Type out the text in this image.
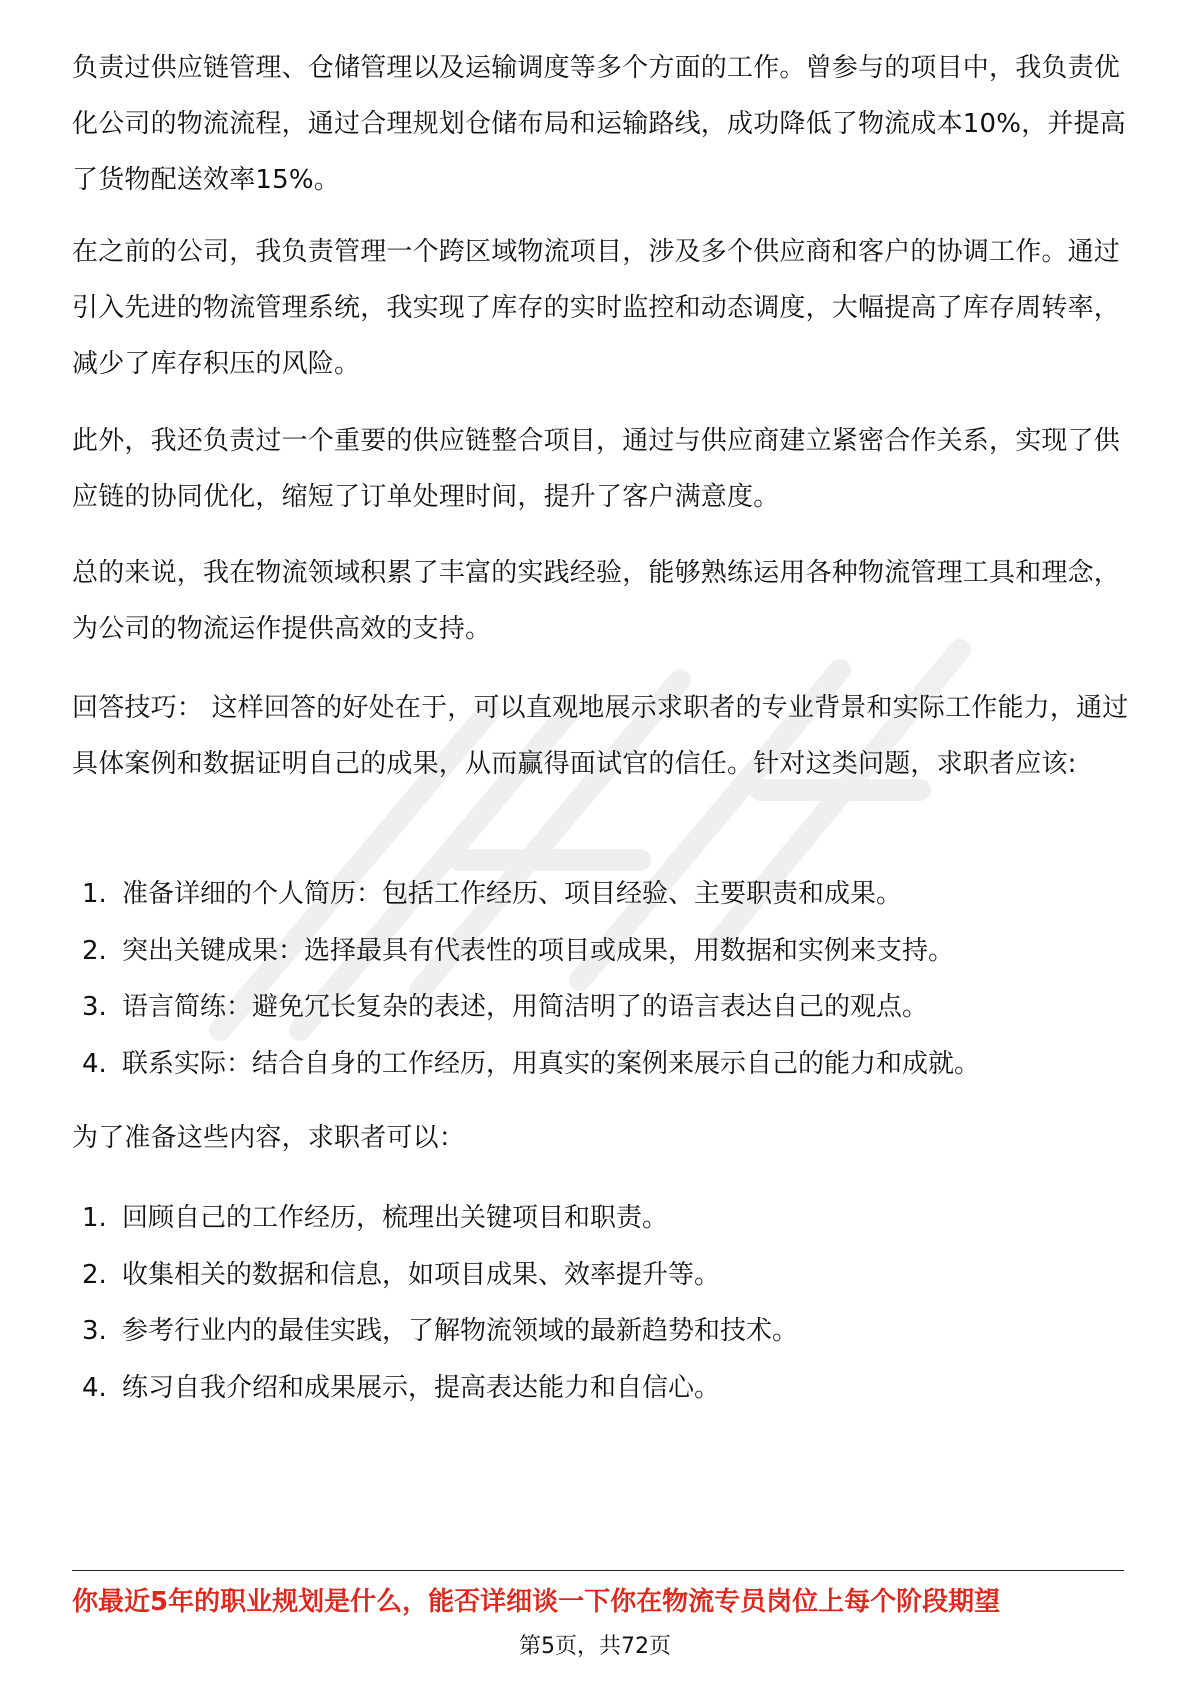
负责过供应链管理、仓储管理以及运输调度等多个方面的工作。曾参与的项目中，我负责优化公司的物流流程，通过合理规划仓储布局和运输路线，成功降低了物流成本10%，并提高了货物配送效率15%。

在之前的公司，我负责管理一个跨区域物流项目，涉及多个供应商和客户的协调工作。通过引入先进的物流管理系统，我实现了库存的实时监控和动态调度，大幅提高了库存周转率，减少了库存积压的风险。

此外，我还负责过一个重要的供应链整合项目，通过与供应商建立紧密合作关系，实现了供应链的协同优化，缩短了订单处理时间，提升了客户满意度。

总的来说，我在物流领域积累了丰富的实践经验，能够熟练运用各种物流管理工具和理念，为公司的物流运作提供高效的支持。

回答技巧： 这样回答的好处在于，可以直观地展示求职者的专业背景和实际工作能力，通过具体案例和数据证明自己的成果，从而赢得面试官的信任。针对这类问题，求职者应该:

1. 准备详细的个人简历：包括工作经历、项目经验、主要职责和成果。
2. 突出关键成果：选择最具有代表性的项目或成果，用数据和实例来支持。
3. 语言简练：避免冗长复杂的表述，用简洁明了的语言表达自己的观点。
4. 联系实际：结合自身的工作经历，用真实的案例来展示自己的能力和成就。

为了准备这些内容，求职者可以：

1. 回顾自己的工作经历，梳理出关键项目和职责。
2. 收集相关的数据和信息，如项目成果、效率提升等。
3. 参考行业内的最佳实践，了解物流领域的最新趋势和技术。
4. 练习自我介绍和成果展示，提高表达能力和自信心。
你最近5年的职业规划是什么，能否详细谈一下你在物流专员岗位上每个阶段期望
第5页，共72页
